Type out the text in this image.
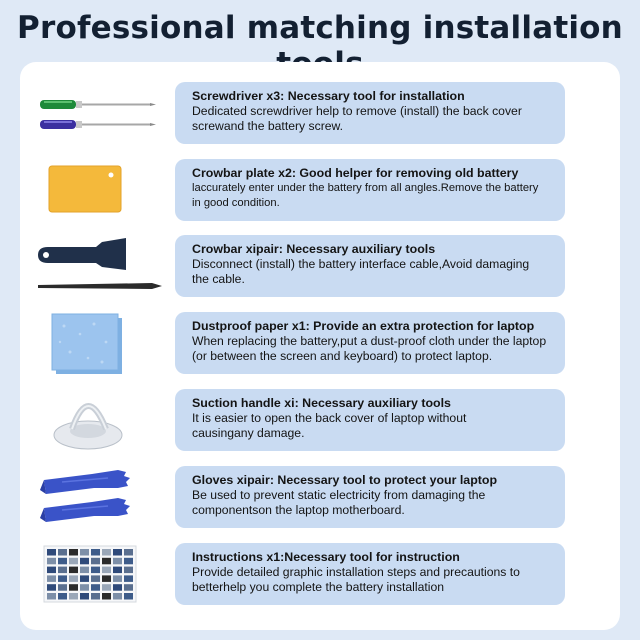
Professional matching installation
Screwdriver x3: Necessary tool for installation
Dedicated screwdriver help to remove (install) the back cover
screwand the battery screw.
Crowbar plate x2: Good helper for removing old battery
laccurately enter under the battery from all angles.Remove the battery
in good condition.
Crowbar xipair: Necessary auxiliary tools
Disconnect (install) the battery interface cable,Avoid damaging
the cable.
Dustproof paper x1: Provide an extra protection for laptop
When replacing the battery,put a dust-proof cloth under the laptop
(or between the screen and keyboard) to protect laptop.
Suction handle xi: Necessary auxiliary tools
It is easier to open the back cover of laptop without
causingany damage.
Gloves xipair: Necessary tool to protect your laptop
Be used to prevent static electricity from damaging the
componentson the laptop motherboard.
Instructions x1:Necessary tool for instruction
Provide detailed graphic installation steps and precautions to
betterhelp you complete the battery installation
